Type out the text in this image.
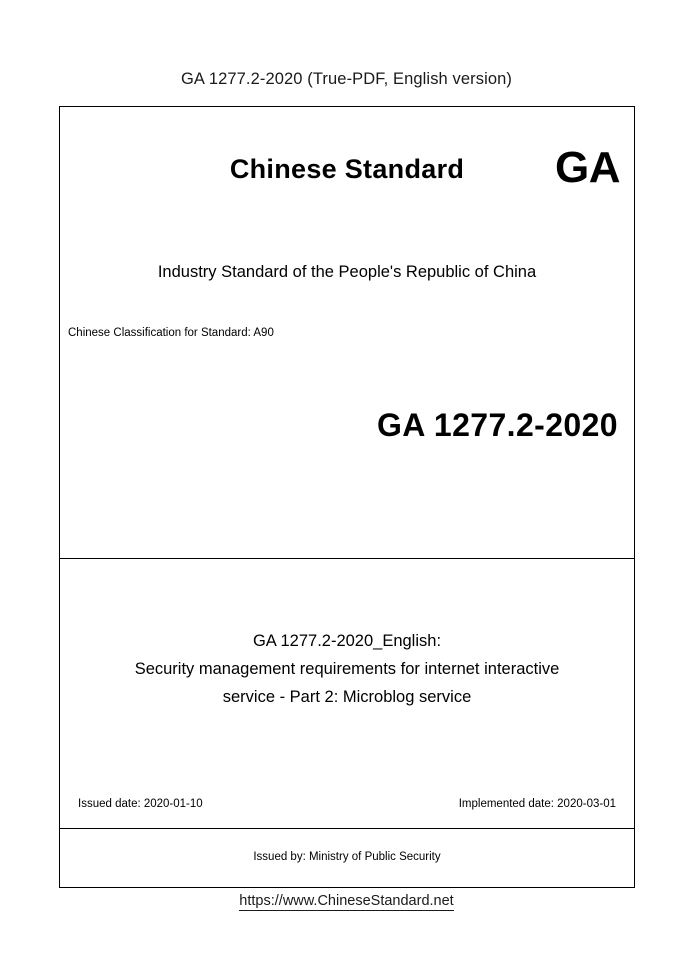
GA 1277.2-2020 (True-PDF, English version)
Chinese Standard	GA
Industry Standard of the People's Republic of China
Chinese Classification for Standard: A90
GA 1277.2-2020
GA 1277.2-2020_English:
Security management requirements for internet interactive
service - Part 2: Microblog service
Issued date: 2020-01-10	Implemented date: 2020-03-01
Issued by: Ministry of Public Security
https://www.ChineseStandard.net
